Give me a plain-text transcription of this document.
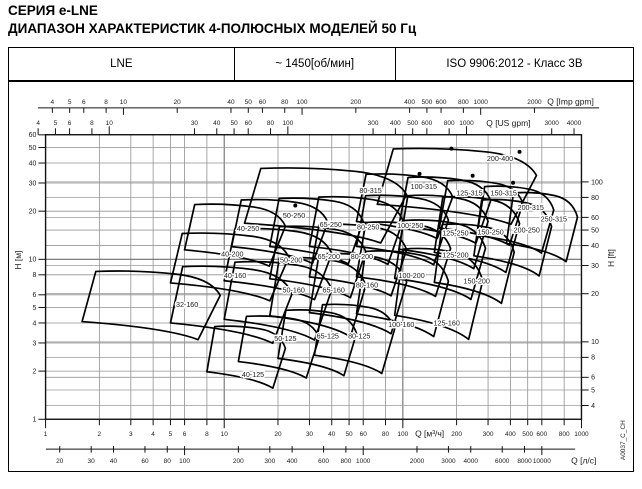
СЕРИЯ e-LNE
ДИАПАЗОН ХАРАКТЕРИСТИК 4-ПОЛЮСНЫХ МОДЕЛЕЙ 50 Гц
LNE	~ 1450[об/мин]	ISO 9906:2012 - Класс 3В
32-160
40-125
50-125	65-125 80-125
40-160
50-160 65-160
80-160
100-160	125-160
40-200
50-200 65-200 80-200
100-200
125-200
150-200
40-250
50-250
65-250 80-250 100-250
125-250 150-250 200-250
80-315
100-315
125-315 150-315
200-315
250-315
200-400
1
2
3
4
5
6
8
10
20
30
40
50
60
H [м]
4
5
6
8
10
20
30
40
50
60
80
100
H [ft]
1	2	3	4 5 6	8 10	20	30 40 50 60 80 100	200	300 400 500 600 800 1000
Q [м³/ч]
20	30 40	60 80 100	200	300 400	600 800 1000	2000	3000 4000	6000 8000 10000 Q [л/с]
4 5 6	8 10	20	40 50 60 80 100	200	400 500 600 800 1000	2000 Q [Imp gpm]
4 5 6	8 10	30 40 50 60 80 100	300 400 500 600 800 1000	3000 4000
Q [US gpm]
A0037_C_CH
